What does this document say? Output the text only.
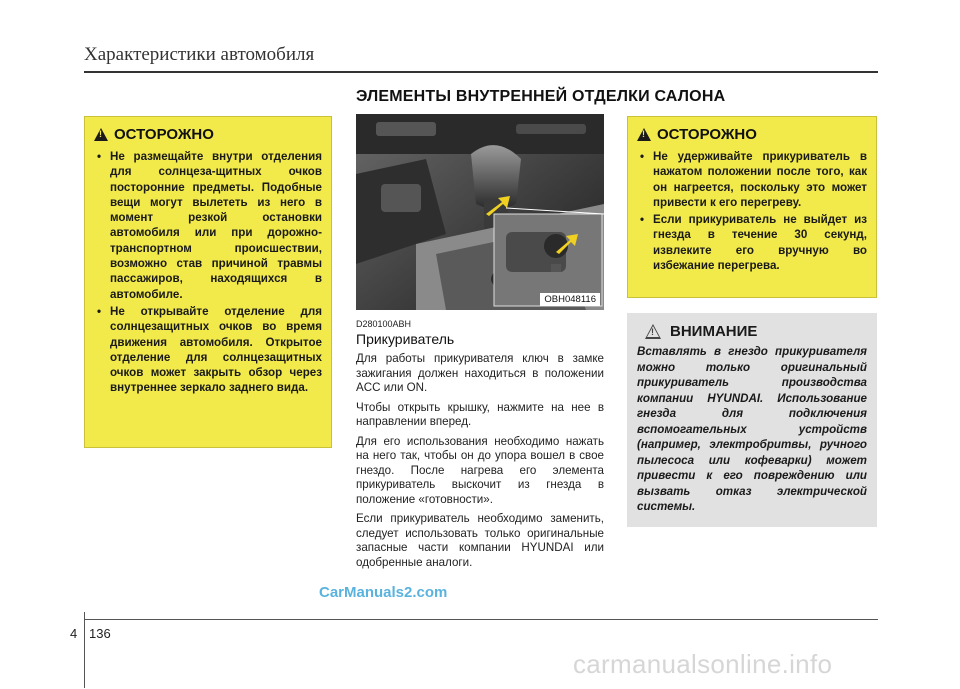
Характеристики автомобиля
ЭЛЕМЕНТЫ ВНУТРЕННЕЙ ОТДЕЛКИ САЛОНА
!
ОСТОРОЖНО
• Не размещайте внутри отделения для солнцеза-щитных очков посторонние предметы. Подобные вещи могут вылететь из него в момент резкой остановки автомобиля или при дорожно-транспортном происшествии, возможно став причиной травмы пассажиров, находящихся в автомобиле.
• Не открывайте отделение для солнцезащитных очков во время движения автомобиля. Открытое отделение для солнцезащитных очков может закрыть обзор через внутреннее зеркало заднего вида.
OBH048116
D280100ABH
Прикуриватель

Для работы прикуривателя ключ в замке зажигания должен находиться в положении ACC или ON.

Чтобы открыть крышку, нажмите на нее в направлении вперед.

Для его использования необходимо нажать на него так, чтобы он до упора вошел в свое гнездо. После нагрева его элемента прикуриватель выскочит из гнезда в положение «готовности».

Если прикуриватель необходимо заменить, следует использовать только оригинальные запасные части компании HYUNDAI или одобренные аналоги.

!
ОСТОРОЖНО
• Не удерживайте прикуриватель в нажатом положении после того, как он нагреется, поскольку это может привести к его перегреву.
• Если прикуриватель не выйдет из гнезда в течение 30 секунд, извлеките его вручную во избежание перегрева.
!
ВНИМАНИЕ
Вставлять в гнездо прикуривателя можно только оригинальный прикуриватель производства компании HYUNDAI. Использование гнезда для подключения вспомогательных устройств (например, электробритвы, ручного пылесоса или кофеварки) может привести к его повреждению или вызвать отказ электрической системы.
CarManuals2.com
4 136
carmanualsonline.info
